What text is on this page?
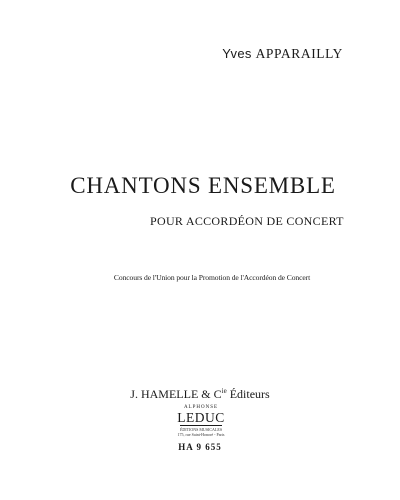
Yves APPARAILLY
CHANTONS ENSEMBLE
POUR ACCORDÉON DE CONCERT
Concours de l'Union pour la Promotion de l'Accordéon de Concert
J. HAMELLE & $C^{ie}$ Éditeurs
ALPHONSE
LEDUC
ÉDITIONS MUSICALES
175, rue Saint-Honoré - Paris
HA 9 655
